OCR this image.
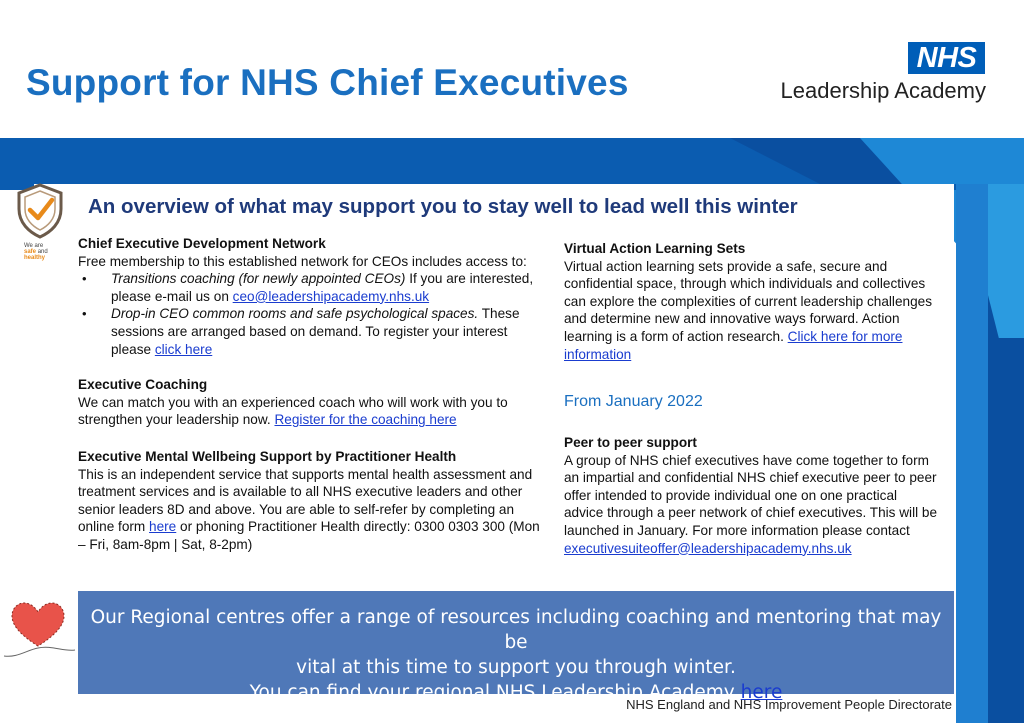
Support for NHS Chief Executives
NHS
Leadership Academy
We are
safe and
healthy
An overview of what may support you to stay well to lead well this winter
Chief Executive Development Network

Free membership to this established network for CEOs includes access to:

• Transitions coaching (for newly appointed CEOs) If you are interested, please e-mail us on ceo@leadershipacademy.nhs.uk
• Drop-in CEO common rooms and safe psychological spaces. These sessions are arranged based on demand. To register your interest please click here
Executive Coaching

We can match you with an experienced coach who will work with you to strengthen your leadership now. Register for the coaching here

Executive Mental Wellbeing Support by Practitioner Health

This is an independent service that supports mental health assessment and treatment services and is available to all NHS executive leaders and other senior leaders 8D and above. You are able to self-refer by completing an online form here or phoning Practitioner Health directly: 0300 0303 300 (Mon – Fri, 8am-8pm | Sat, 8-2pm)

Virtual Action Learning Sets

Virtual action learning sets provide a safe, secure and confidential space, through which individuals and collectives can explore the complexities of current leadership challenges and determine new and innovative ways forward. Action learning is a form of action research. Click here for more information

From January 2022
Peer to peer support

A group of NHS chief executives have come together to form an impartial and confidential NHS chief executive peer to peer offer intended to provide individual one on one practical advice through a peer network of chief executives. This will be launched in January. For more information please contact

executivesuiteoffer@leadershipacademy.nhs.uk
Our Regional centres offer a range of resources including coaching and mentoring that may be
vital at this time to support you through winter.
You can find your regional NHS Leadership Academy here
NHS England and NHS Improvement People Directorate
